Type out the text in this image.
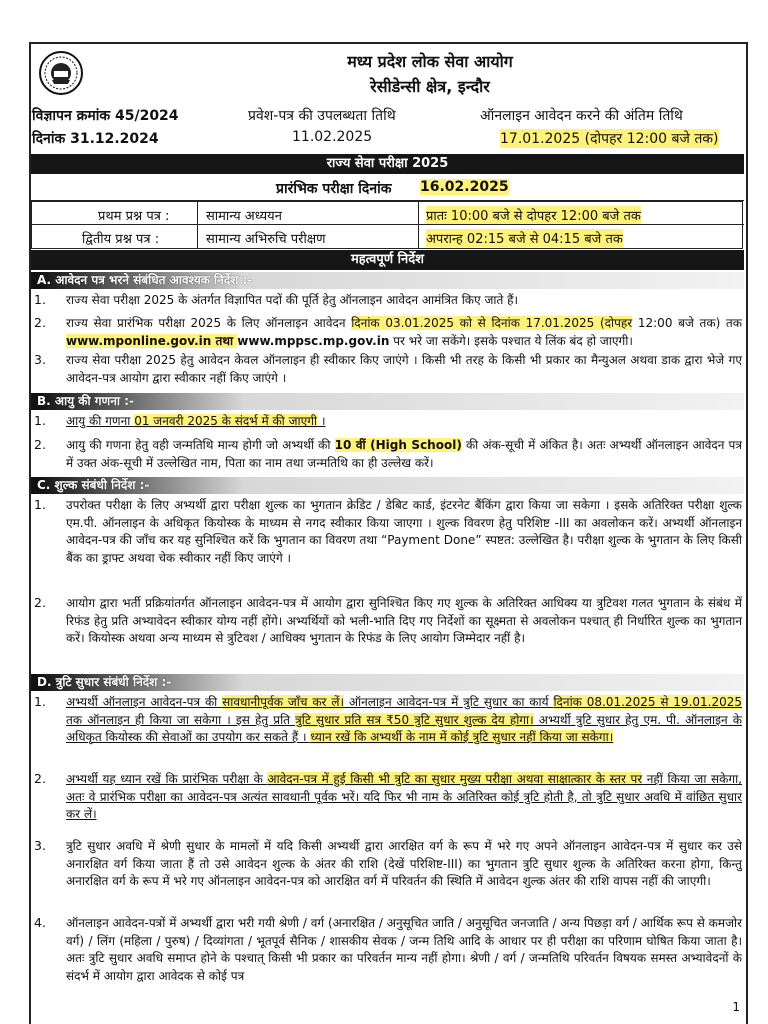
मध्य प्रदेश लोक सेवा आयोग
रेसीडेन्सी क्षेत्र, इन्दौर
विज्ञापन क्रमांक 45/2024
दिनांक 31.12.2024
प्रवेश-पत्र की उपलब्धता तिथि
11.02.2025
ऑनलाइन आवेदन करने की अंतिम तिथि
17.01.2025 (दोपहर 12:00 बजे तक)
राज्य सेवा परीक्षा 2025
प्रारंभिक परीक्षा दिनांक 16.02.2025
प्रथम प्रश्न पत्र :	सामान्य अध्ययन	प्रातः 10:00 बजे से दोपहर 12:00 बजे तक
द्वितीय प्रश्न पत्र :	सामान्य अभिरुचि परीक्षण	अपरान्ह 02:15 बजे से 04:15 बजे तक
महत्वपूर्ण निर्देश
A. आवेदन पत्र भरने संबंधित आवश्यक निर्देश :-
1. राज्य सेवा परीक्षा 2025 के अंतर्गत विज्ञापित पदों की पूर्ति हेतु ऑनलाइन आवेदन आमंत्रित किए जाते हैं।
2. राज्य सेवा प्रारंभिक परीक्षा 2025 के लिए ऑनलाइन आवेदन दिनांक 03.01.2025 को से दिनांक 17.01.2025 (दोपहर 12:00 बजे तक) तक www.mponline.gov.in तथा www.mppsc.mp.gov.in पर भरे जा सकेंगे। इसके पश्चात ये लिंक बंद हो जाएगी।
3. राज्य सेवा परीक्षा 2025 हेतु आवेदन केवल ऑनलाइन ही स्वीकार किए जाएंगे । किसी भी तरह के किसी भी प्रकार का मैन्युअल अथवा डाक द्वारा भेजे गए आवेदन-पत्र आयोग द्वारा स्वीकार नहीं किए जाएंगे ।
B. आयु की गणना :-
1. आयु की गणना 01 जनवरी 2025 के संदर्भ में की जाएगी ।
2. आयु की गणना हेतु वही जन्मतिथि मान्य होगी जो अभ्यर्थी की 10 वीं (High School) की अंक-सूची में अंकित है। अतः अभ्यर्थी ऑनलाइन आवेदन पत्र में उक्त अंक-सूची में उल्लेखित नाम, पिता का नाम तथा जन्मतिथि का ही उल्लेख करें।
C. शुल्क संबंधी निर्देश :-
1. उपरोक्त परीक्षा के लिए अभ्यर्थी द्वारा परीक्षा शुल्क का भुगतान क्रेडिट / डेबिट कार्ड, इंटरनेट बैंकिंग द्वारा किया जा सकेगा । इसके अतिरिक्त परीक्षा शुल्क एम.पी. ऑनलाइन के अधिकृत कियोस्क के माध्यम से नगद स्वीकार किया जाएगा । शुल्क विवरण हेतु परिशिष्ट -III का अवलोकन करें। अभ्यर्थी ऑनलाइन आवेदन-पत्र की जाँच कर यह सुनिश्चित करें कि भुगतान का विवरण तथा “Payment Done” स्पष्टत: उल्लेखित है। परीक्षा शुल्क के भुगतान के लिए किसी बैंक का ड्राफ्ट अथवा चेक स्वीकार नहीं किए जाएंगे ।
2. आयोग द्वारा भर्ती प्रक्रियांतर्गत ऑनलाइन आवेदन-पत्र में आयोग द्वारा सुनिश्चित किए गए शुल्क के अतिरिक्त आधिक्य या त्रुटिवश गलत भुगतान के संबंध में रिफंड हेतु प्रति अभ्यावेदन स्वीकार योग्य नहीं होंगे। अभ्यर्थियों को भली-भाति दिए गए निर्देशों का सूक्ष्मता से अवलोकन पश्चात् ही निर्धारित शुल्क का भुगतान करें। कियोस्क अथवा अन्य माध्यम से त्रुटिवश / आधिक्य भुगतान के रिफंड के लिए आयोग जिम्मेदार नहीं है।
D. त्रुटि सुधार संबंधी निर्देश :-
1. अभ्यर्थी ऑनलाइन आवेदन-पत्र की सावधानीपूर्वक जाँच कर लें। ऑनलाइन आवेदन-पत्र में त्रुटि सुधार का कार्य दिनांक 08.01.2025 से 19.01.2025 तक ऑनलाइन ही किया जा सकेगा । इस हेतु प्रति त्रुटि सुधार प्रति सत्र ₹50 त्रुटि सुधार शुल्क देय होगा। अभ्यर्थी त्रुटि सुधार हेतु एम. पी. ऑनलाइन के अधिकृत कियोस्क की सेवाओं का उपयोग कर सकते हैं । ध्यान रखें कि अभ्यर्थी के नाम में कोई त्रुटि सुधार नहीं किया जा सकेगा।
2. अभ्यर्थी यह ध्यान रखें कि प्रारंभिक परीक्षा के आवेदन-पत्र में हुई किसी भी त्रुटि का सुधार मुख्य परीक्षा अथवा साक्षात्कार के स्तर पर नहीं किया जा सकेगा, अतः वे प्रारंभिक परीक्षा का आवेदन-पत्र अत्यंत सावधानी पूर्वक भरें। यदि फिर भी नाम के अतिरिक्त कोई त्रुटि होती है, तो त्रुटि सुधार अवधि में वांछित सुधार कर लें।
3. त्रुटि सुधार अवधि में श्रेणी सुधार के मामलों में यदि किसी अभ्यर्थी द्वारा आरक्षित वर्ग के रूप में भरे गए अपने ऑनलाइन आवेदन-पत्र में सुधार कर उसे अनारक्षित वर्ग किया जाता हैं तो उसे आवेदन शुल्क के अंतर की राशि (देखें परिशिष्ट-III) का भुगतान त्रुटि सुधार शुल्क के अतिरिक्त करना होगा, किन्तु अनारक्षित वर्ग के रूप में भरे गए ऑनलाइन आवेदन-पत्र को आरक्षित वर्ग में परिवर्तन की स्थिति में आवेदन शुल्क अंतर की राशि वापस नहीं की जाएगी।
4. ऑनलाइन आवेदन-पत्रों में अभ्यर्थी द्वारा भरी गयी श्रेणी / वर्ग (अनारक्षित / अनुसूचित जाति / अनुसूचित जनजाति / अन्य पिछड़ा वर्ग / आर्थिक रूप से कमजोर वर्ग) / लिंग (महिला / पुरुष) / दिव्यांगता / भूतपूर्व सैनिक / शासकीय सेवक / जन्म तिथि आदि के आधार पर ही परीक्षा का परिणाम घोषित किया जाता है। अतः त्रुटि सुधार अवधि समाप्त होने के पश्चात् किसी भी प्रकार का परिवर्तन मान्य नहीं होगा। श्रेणी / वर्ग / जन्मतिथि परिवर्तन विषयक समस्त अभ्यावेदनों के संदर्भ में आयोग द्वारा आवेदक से कोई पत्र
1
